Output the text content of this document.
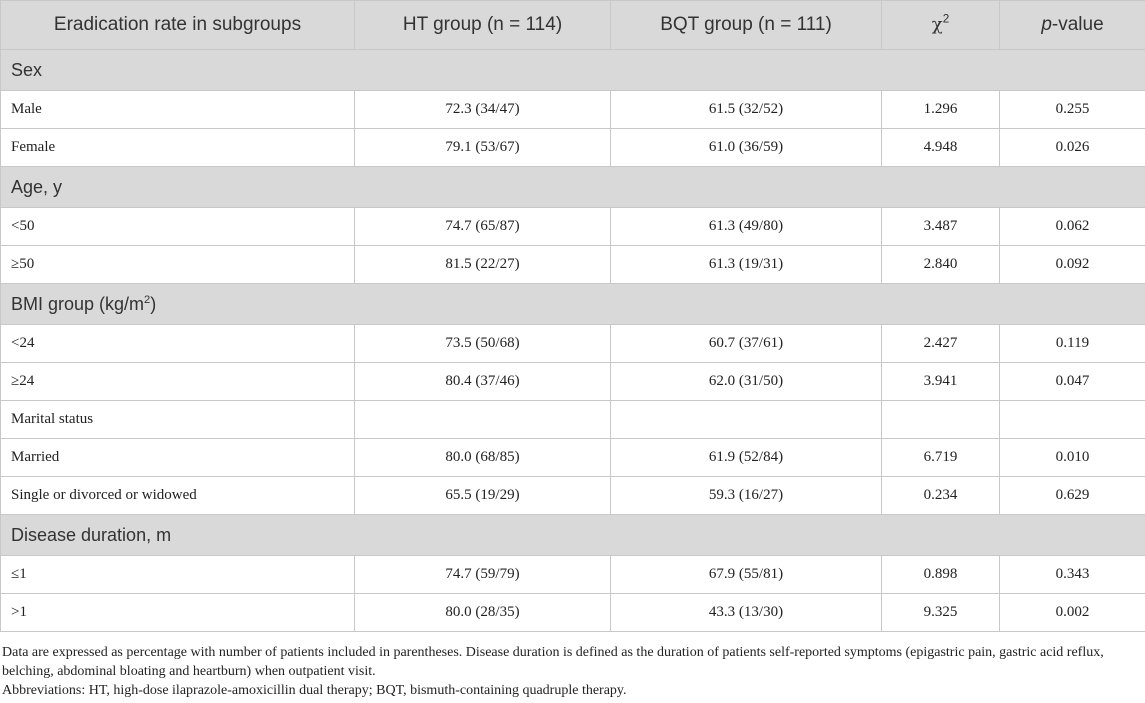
Eradication rate in subgroups	HT group (n = 114)	BQT group (n = 111)	$\chi^2$	p-value
Sex				
Male	72.3 (34/47)	61.5 (32/52)	1.296	0.255
Female	79.1 (53/67)	61.0 (36/59)	4.948	0.026
Age, y				
<50	74.7 (65/87)	61.3 (49/80)	3.487	0.062
≥50	81.5 (22/27)	61.3 (19/31)	2.840	0.092
BMI group $(kg/m^2)$				
<24	73.5 (50/68)	60.7 (37/61)	2.427	0.119
≥24	80.4 (37/46)	62.0 (31/50)	3.941	0.047
Marital status				
Married	80.0 (68/85)	61.9 (52/84)	6.719	0.010
Single or divorced or widowed	65.5 (19/29)	59.3 (16/27)	0.234	0.629
Disease duration, m				
≤1	74.7 (59/79)	67.9 (55/81)	0.898	0.343
>1	80.0 (28/35)	43.3 (13/30)	9.325	0.002

Data are expressed as percentage with number of patients included in parentheses. Disease duration is defined as the duration of patients self-reported symptoms (epigastric pain, gastric acid reflux, belching, abdominal bloating and heartburn) when outpatient visit.

Abbreviations: HT, high-dose ilaprazole-amoxicillin dual therapy; BQT, bismuth-containing quadruple therapy.
